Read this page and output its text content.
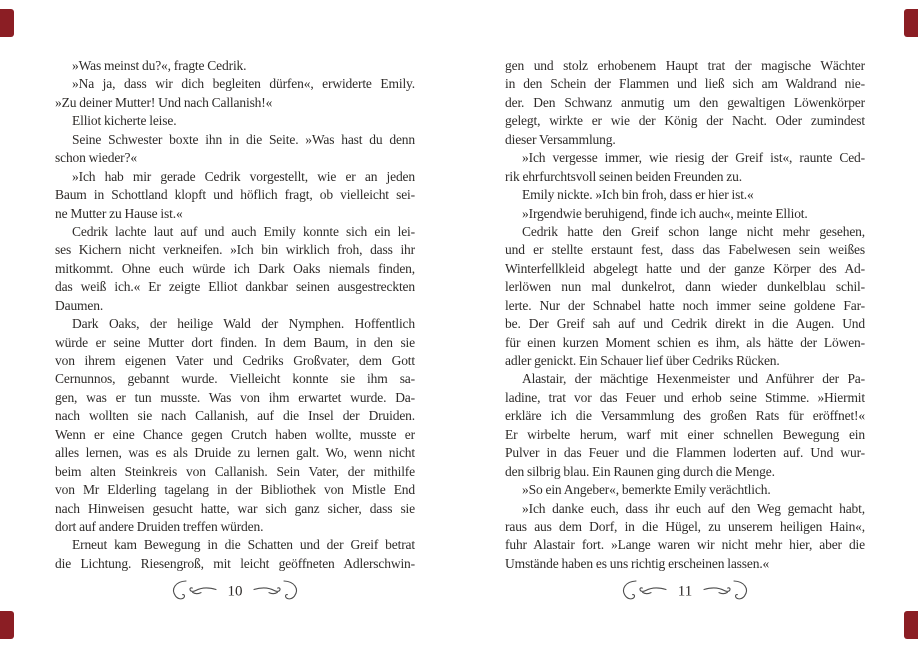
»Was meinst du?«, fragte Cedrik.
»Na ja, dass wir dich begleiten dürfen«, erwiderte Emily.
»Zu deiner Mutter! Und nach Callanish!«
Elliot kicherte leise.
Seine Schwester boxte ihn in die Seite. »Was hast du denn
schon wieder?«
»Ich hab mir gerade Cedrik vorgestellt, wie er an jeden
Baum in Schottland klopft und höflich fragt, ob vielleicht sei-
ne Mutter zu Hause ist.«
Cedrik lachte laut auf und auch Emily konnte sich ein lei-
ses Kichern nicht verkneifen. »Ich bin wirklich froh, dass ihr
mitkommt. Ohne euch würde ich Dark Oaks niemals finden,
das weiß ich.« Er zeigte Elliot dankbar seinen ausgestreckten
Daumen.
Dark Oaks, der heilige Wald der Nymphen. Hoffentlich
würde er seine Mutter dort finden. In dem Baum, in den sie
von ihrem eigenen Vater und Cedriks Großvater, dem Gott
Cernunnos, gebannt wurde. Vielleicht konnte sie ihm sa-
gen, was er tun musste. Was von ihm erwartet wurde. Da-
nach wollten sie nach Callanish, auf die Insel der Druiden.
Wenn er eine Chance gegen Crutch haben wollte, musste er
alles lernen, was es als Druide zu lernen galt. Wo, wenn nicht
beim alten Steinkreis von Callanish. Sein Vater, der mithilfe
von Mr Elderling tagelang in der Bibliothek von Mistle End
nach Hinweisen gesucht hatte, war sich ganz sicher, dass sie
dort auf andere Druiden treffen würden.
Erneut kam Bewegung in die Schatten und der Greif betrat
die Lichtung. Riesengroß, mit leicht geöffneten Adlerschwin-
gen und stolz erhobenem Haupt trat der magische Wächter
in den Schein der Flammen und ließ sich am Waldrand nie-
der. Den Schwanz anmutig um den gewaltigen Löwenkörper
gelegt, wirkte er wie der König der Nacht. Oder zumindest
dieser Versammlung.
»Ich vergesse immer, wie riesig der Greif ist«, raunte Ced-
rik ehrfurchtsvoll seinen beiden Freunden zu.
Emily nickte. »Ich bin froh, dass er hier ist.«
»Irgendwie beruhigend, finde ich auch«, meinte Elliot.
Cedrik hatte den Greif schon lange nicht mehr gesehen,
und er stellte erstaunt fest, dass das Fabelwesen sein weißes
Winterfellkleid abgelegt hatte und der ganze Körper des Ad-
lerlöwen nun mal dunkelrot, dann wieder dunkelblau schil-
lerte. Nur der Schnabel hatte noch immer seine goldene Far-
be. Der Greif sah auf und Cedrik direkt in die Augen. Und
für einen kurzen Moment schien es ihm, als hätte der Löwen-
adler genickt. Ein Schauer lief über Cedriks Rücken.
Alastair, der mächtige Hexenmeister und Anführer der Pa-
ladine, trat vor das Feuer und erhob seine Stimme. »Hiermit
erkläre ich die Versammlung des großen Rats für eröffnet!«
Er wirbelte herum, warf mit einer schnellen Bewegung ein
Pulver in das Feuer und die Flammen loderten auf. Und wur-
den silbrig blau. Ein Raunen ging durch die Menge.
»So ein Angeber«, bemerkte Emily verächtlich.
»Ich danke euch, dass ihr euch auf den Weg gemacht habt,
raus aus dem Dorf, in die Hügel, zu unserem heiligen Hain«,
fuhr Alastair fort. »Lange waren wir nicht mehr hier, aber die
Umstände haben es uns richtig erscheinen lassen.«
10	11
